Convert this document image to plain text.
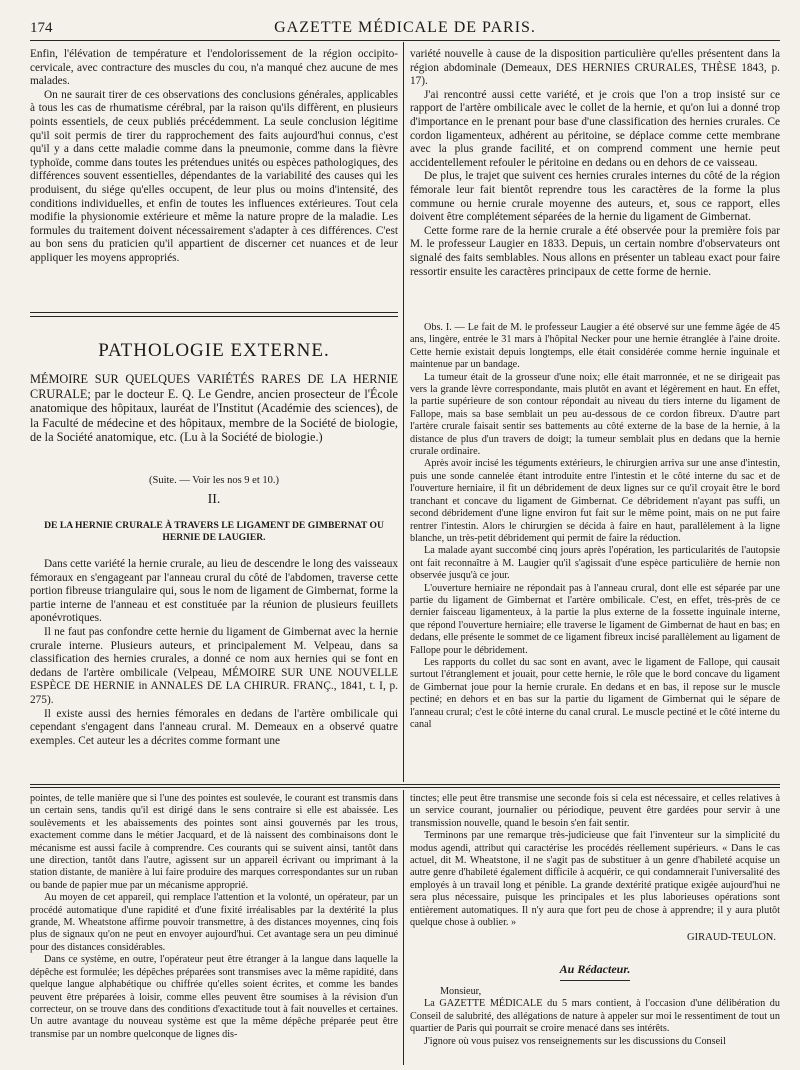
174	GAZETTE MÉDICALE DE PARIS.

Enfin, l'élévation de température et l'endolorissement de la région occipito-cervicale, avec contracture des muscles du cou, n'a manqué chez aucune de mes malades.

On ne saurait tirer de ces observations des conclusions générales, applicables à tous les cas de rhumatisme cérébral, par la raison qu'ils diffèrent, en plusieurs points essentiels, de ceux publiés précédemment. La seule conclusion légitime qu'il soit permis de tirer du rapprochement des faits aujourd'hui connus, c'est qu'il y a dans cette maladie comme dans la pneumonie, comme dans la fièvre typhoïde, comme dans toutes les prétendues unités ou espèces pathologiques, des différences souvent essentielles, dépendantes de la variabilité des causes qui les produisent, du siége qu'elles occupent, de leur plus ou moins d'intensité, des conditions individuelles, et enfin de toutes les influences extérieures. Tout cela modifie la physionomie extérieure et même la nature propre de la maladie. Les formules du traitement doivent nécessairement s'adapter à ces différences. C'est au bon sens du praticien qu'il appartient de discerner cet nuances et de leur appliquer les moyens appropriés.

PATHOLOGIE EXTERNE.
MÉMOIRE SUR QUELQUES VARIÉTÉS RARES DE LA HERNIE CRURALE; par le docteur E. Q. Le Gendre, ancien prosecteur de l'École anatomique des hôpitaux, lauréat de l'Institut (Académie des sciences), de la Faculté de médecine et des hôpitaux, membre de la Société de biologie, de la Société anatomique, etc. (Lu à la Société de biologie.)
(Suite. — Voir les nos 9 et 10.)
II.
DE LA HERNIE CRURALE À TRAVERS LE LIGAMENT DE GIMBERNAT OU HERNIE DE LAUGIER.

Dans cette variété la hernie crurale, au lieu de descendre le long des vaisseaux fémoraux en s'engageant par l'anneau crural du côté de l'abdomen, traverse cette portion fibreuse triangulaire qui, sous le nom de ligament de Gimbernat, forme la partie interne de l'anneau et est constituée par la réunion de plusieurs feuillets aponévrotiques.

Il ne faut pas confondre cette hernie du ligament de Gimbernat avec la hernie crurale interne. Plusieurs auteurs, et principalement M. Velpeau, dans sa classification des hernies crurales, a donné ce nom aux hernies qui se font en dedans de l'artère ombilicale (Velpeau, MÉMOIRE SUR UNE NOUVELLE ESPÈCE DE HERNIE in ANNALES DE LA CHIRUR. FRANÇ., 1841, t. I, p. 275).

Il existe aussi des hernies fémorales en dedans de l'artère ombilicale qui cependant s'engagent dans l'anneau crural. M. Demeaux en a observé quatre exemples. Cet auteur les a décrites comme formant une

variété nouvelle à cause de la disposition particulière qu'elles présentent dans la région abdominale (Demeaux, DES HERNIES CRURALES, THÈSE 1843, p. 17).

J'ai rencontré aussi cette variété, et je crois que l'on a trop insisté sur ce rapport de l'artère ombilicale avec le collet de la hernie, et qu'on lui a donné trop d'importance en le prenant pour base d'une classification des hernies crurales. Ce cordon ligamenteux, adhérent au péritoine, se déplace comme cette membrane avec la plus grande facilité, et on comprend comment une hernie peut accidentellement refouler le péritoine en dedans ou en dehors de ce vaisseau.

De plus, le trajet que suivent ces hernies crurales internes du côté de la région fémorale leur fait bientôt reprendre tous les caractères de la forme la plus commune ou hernie crurale moyenne des auteurs, et, sous ce rapport, elles doivent être complétement séparées de la hernie du ligament de Gimbernat.

Cette forme rare de la hernie crurale a été observée pour la première fois par M. le professeur Laugier en 1833. Depuis, un certain nombre d'observateurs ont signalé des faits semblables. Nous allons en présenter un tableau exact pour faire ressortir ensuite les caractères principaux de cette forme de hernie.

Obs. I. — Le fait de M. le professeur Laugier a été observé sur une femme âgée de 45 ans, lingère, entrée le 31 mars à l'hôpital Necker pour une hernie étranglée à l'aine droite. Cette hernie existait depuis longtemps, elle était considérée comme hernie inguinale et maintenue par un bandage.

La tumeur était de la grosseur d'une noix; elle était marronnée, et ne se dirigeait pas vers la grande lèvre correspondante, mais plutôt en avant et légèrement en haut. En effet, la partie supérieure de son contour répondait au niveau du tiers interne du ligament de Fallope, mais sa base semblait un peu au-dessous de ce cordon fibreux. D'autre part l'artère crurale faisait sentir ses battements au côté externe de la base de la hernie, à la distance de plus d'un travers de doigt; la tumeur semblait plus en dedans que la hernie crurale ordinaire.

Après avoir incisé les téguments extérieurs, le chirurgien arriva sur une anse d'intestin, puis une sonde cannelée étant introduite entre l'intestin et le côté interne du sac et de l'ouverture herniaire, il fit un débridement de deux lignes sur ce qu'il croyait être le bord tranchant et concave du ligament de Gimbernat. Ce débridement n'ayant pas suffi, un second débridement d'une ligne environ fut fait sur le même point, mais on ne put faire rentrer l'intestin. Alors le chirurgien se décida à faire en haut, parallèlement à la ligne blanche, un très-petit débridement qui permit de faire la réduction.

La malade ayant succombé cinq jours après l'opération, les particularités de l'autopsie ont fait reconnaître à M. Laugier qu'il s'agissait d'une espèce particulière de hernie non observée jusqu'à ce jour.

L'ouverture herniaire ne répondait pas à l'anneau crural, dont elle est séparée par une partie du ligament de Gimbernat et l'artère ombilicale. C'est, en effet, très-près de ce dernier faisceau ligamenteux, à la partie la plus externe de la fossette inguinale interne, que répond l'ouverture herniaire; elle traverse le ligament de Gimbernat de haut en bas; en dedans, elle présente le sommet de ce ligament fibreux incisé parallèlement au ligament de Fallope pour le débridement.

Les rapports du collet du sac sont en avant, avec le ligament de Fallope, qui causait surtout l'étranglement et jouait, pour cette hernie, le rôle que le bord concave du ligament de Gimbernat joue pour la hernie crurale. En dedans et en bas, il repose sur le muscle pectiné; en dehors et en bas sur la partie du ligament de Gimbernat qui le sépare de l'anneau crural; c'est le côté interne du canal crural. Le muscle pectiné et le côté interne du canal

pointes, de telle manière que si l'une des pointes est soulevée, le courant est transmis dans un certain sens, tandis qu'il est dirigé dans le sens contraire si elle est abaissée. Les soulèvements et les abaissements des pointes sont ainsi gouvernés par les trous, exactement comme dans le métier Jacquard, et de là naissent des combinaisons dont le mécanisme est aussi facile à comprendre. Ces courants qui se suivent ainsi, tantôt dans une direction, tantôt dans l'autre, agissent sur un appareil écrivant ou imprimant à la station distante, de manière à lui faire produire des marques correspondantes sur un ruban ou bande de papier mue par un mécanisme approprié.

Au moyen de cet appareil, qui remplace l'attention et la volonté, un opérateur, par un procédé automatique d'une rapidité et d'une fixité irréalisables par la dextérité la plus grande, M. Wheatstone affirme pouvoir transmettre, à des distances moyennes, cinq fois plus de signaux qu'on ne peut en envoyer aujourd'hui. Cet avantage sera un peu diminué pour des distances considérables.

Dans ce système, en outre, l'opérateur peut être étranger à la langue dans laquelle la dépêche est formulée; les dépêches préparées sont transmises avec la même rapidité, dans quelque langue alphabétique ou chiffrée qu'elles soient écrites, et comme les bandes peuvent être préparées à loisir, comme elles peuvent être soumises à la révision d'un correcteur, on se trouve dans des conditions d'exactitude tout à fait nouvelles et certaines. Un autre avantage du nouveau système est que la même dépêche préparée peut être transmise par un nombre quelconque de lignes dis-

tinctes; elle peut être transmise une seconde fois si cela est nécessaire, et celles relatives à un service courant, journalier ou périodique, peuvent être gardées pour servir à une transmission nouvelle, quand le besoin s'en fait sentir.

Terminons par une remarque très-judicieuse que fait l'inventeur sur la simplicité du modus agendi, attribut qui caractérise les procédés réellement supérieurs. « Dans le cas actuel, dit M. Wheatstone, il ne s'agit pas de substituer à un genre d'habileté acquise un autre genre d'habileté également difficile à acquérir, ce qui condamnerait l'universalité des employés à un travail long et pénible. La grande dextérité pratique exigée aujourd'hui ne sera plus nécessaire, puisque les principales et les plus laborieuses opérations sont entièrement automatiques. Il n'y aura que fort peu de chose à apprendre; il y aura plutôt quelque chose à oublier. »

GIRAUD-TEULON.
Au Rédacteur.

Monsieur,

La GAZETTE MÉDICALE du 5 mars contient, à l'occasion d'une délibération du Conseil de salubrité, des allégations de nature à appeler sur moi le ressentiment de tout un quartier de Paris qui pourrait se croire menacé dans ses intérêts.

J'ignore où vous puisez vos renseignements sur les discussions du Conseil
